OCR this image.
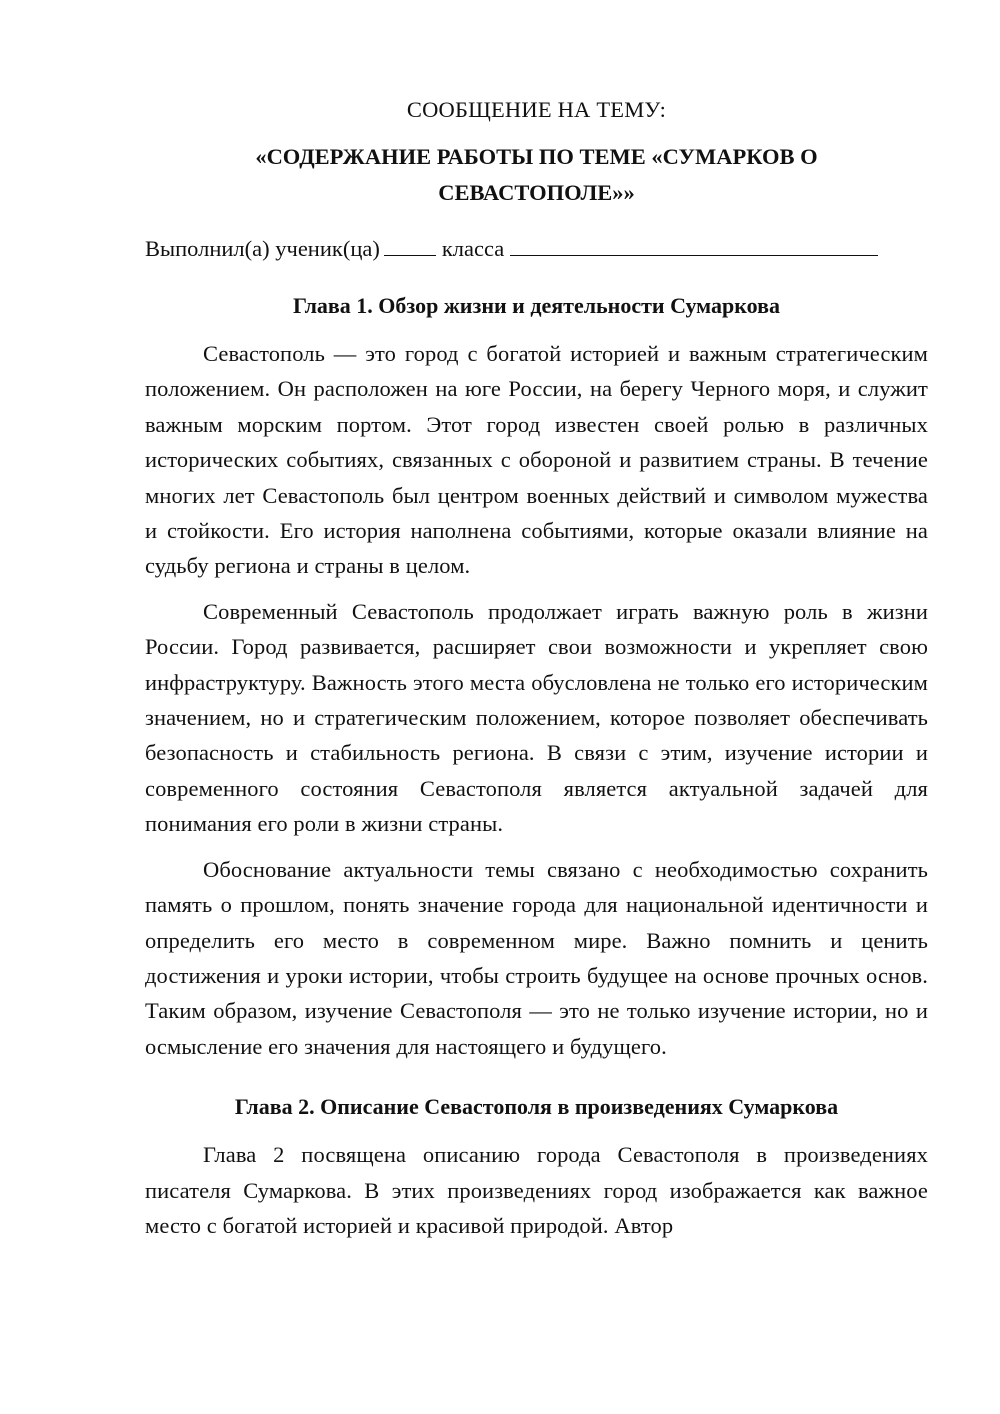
СООБЩЕНИЕ НА ТЕМУ:
«СОДЕРЖАНИЕ РАБОТЫ ПО ТЕМЕ «СУМАРКОВ О СЕВАСТОПОЛЕ»»
Выполнил(а) ученик(ца)	класса
Глава 1. Обзор жизни и деятельности Сумаркова

Севастополь — это город с богатой историей и важным стратегическим положением. Он расположен на юге России, на берегу Черного моря, и служит важным морским портом. Этот город известен своей ролью в различных исторических событиях, связанных с обороной и развитием страны. В течение многих лет Севастополь был центром военных действий и символом мужества и стойкости. Его история наполнена событиями, которые оказали влияние на судьбу региона и страны в целом.

Современный Севастополь продолжает играть важную роль в жизни России. Город развивается, расширяет свои возможности и укрепляет свою инфраструктуру. Важность этого места обусловлена не только его историческим значением, но и стратегическим положением, которое позволяет обеспечивать безопасность и стабильность региона. В связи с этим, изучение истории и современного состояния Севастополя является актуальной задачей для понимания его роли в жизни страны.

Обоснование актуальности темы связано с необходимостью сохранить память о прошлом, понять значение города для национальной идентичности и определить его место в современном мире. Важно помнить и ценить достижения и уроки истории, чтобы строить будущее на основе прочных основ. Таким образом, изучение Севастополя — это не только изучение истории, но и осмысление его значения для настоящего и будущего.

Глава 2. Описание Севастополя в произведениях Сумаркова

Глава 2 посвящена описанию города Севастополя в произведениях писателя Сумаркова. В этих произведениях город изображается как важное место с богатой историей и красивой природой. Автор
